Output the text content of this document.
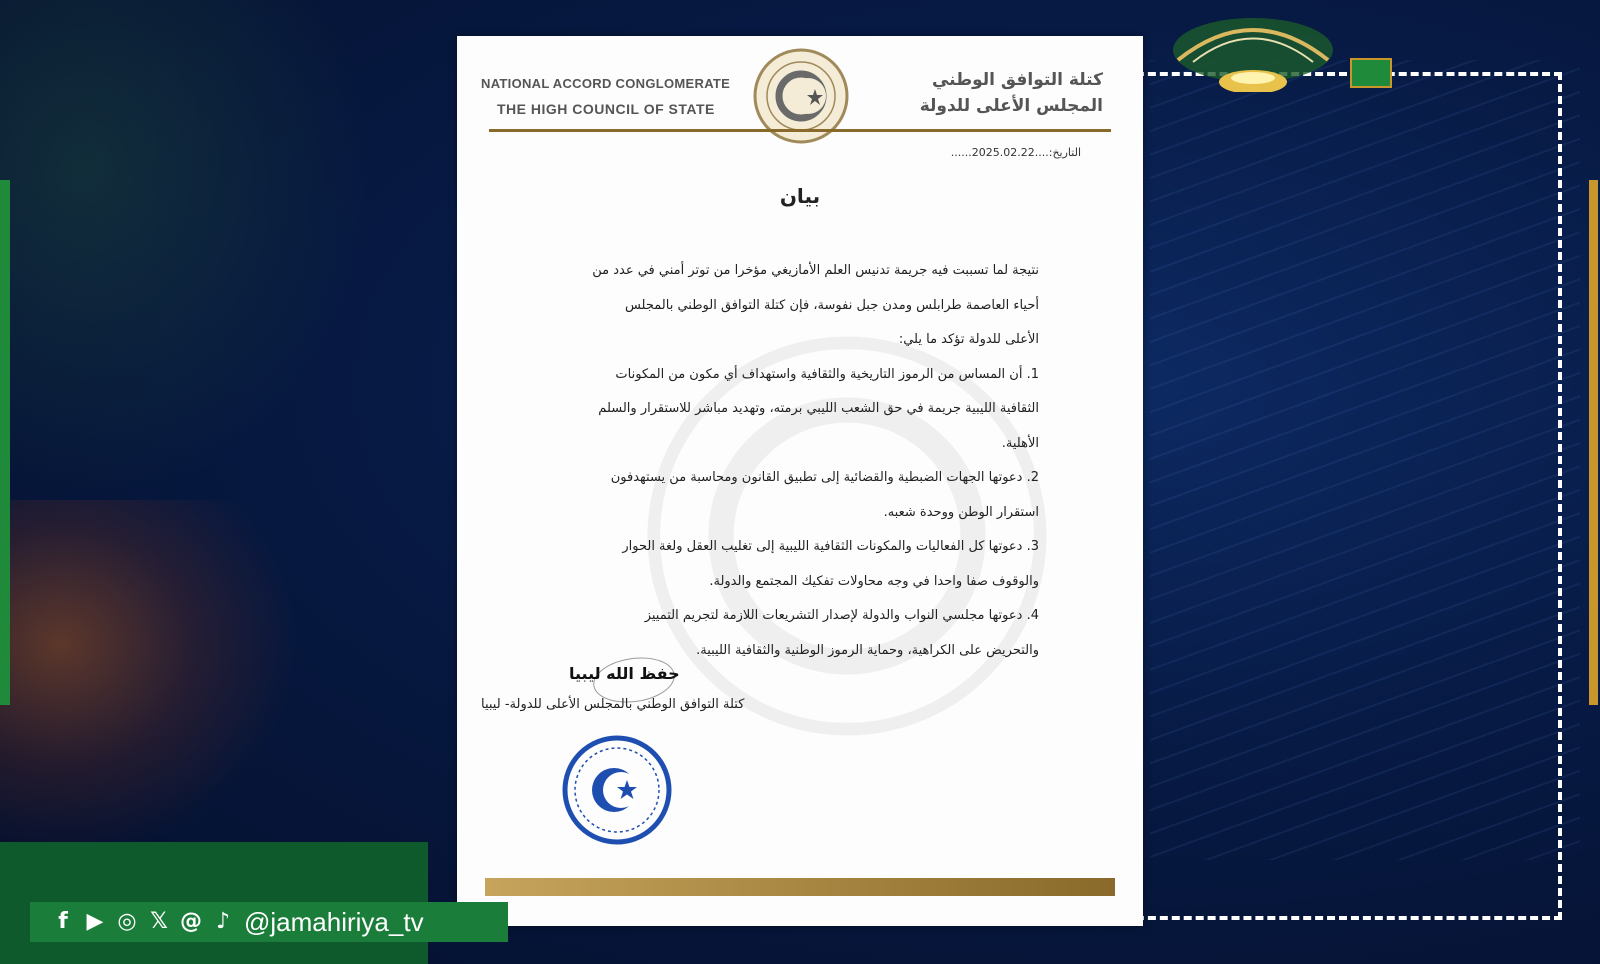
NATIONAL ACCORD CONGLOMERATE
THE HIGH COUNCIL OF STATE
كتلة التوافق الوطني
المجلس الأعلى للدولة
التاريخ:....2025.02.22......
بيان

نتيجة لما تسببت فيه جريمة تدنيس العلم الأمازيغي مؤخرا من توتر أمني في عدد من

أحياء العاصمة طرابلس ومدن جبل نفوسة، فإن كتلة التوافق الوطني بالمجلس

الأعلى للدولة تؤكد ما يلي:

1. أن المساس من الرموز التاريخية والثقافية واستهداف أي مكون من المكونات

الثقافية الليبية جريمة في حق الشعب الليبي برمته، وتهديد مباشر للاستقرار والسلم

الأهلية.

2. دعوتها الجهات الضبطية والقضائية إلى تطبيق القانون ومحاسبة من يستهدفون

استقرار الوطن ووحدة شعبه.

3. دعوتها كل الفعاليات والمكونات الثقافية الليبية إلى تغليب العقل ولغة الحوار

والوقوف صفا واحدا في وجه محاولات تفكيك المجتمع والدولة.

4. دعوتها مجلسي النواب والدولة لإصدار التشريعات اللازمة لتجريم التمييز

والتحريض على الكراهية، وحماية الرموز الوطنية والثقافية الليبية.

حفظ الله ليبيا
كتلة التوافق الوطني بالمجلس الأعلى للدولة- ليبيا
f ▶ ◎ 𝕏 @ ♪ @jamahiriya_tv
